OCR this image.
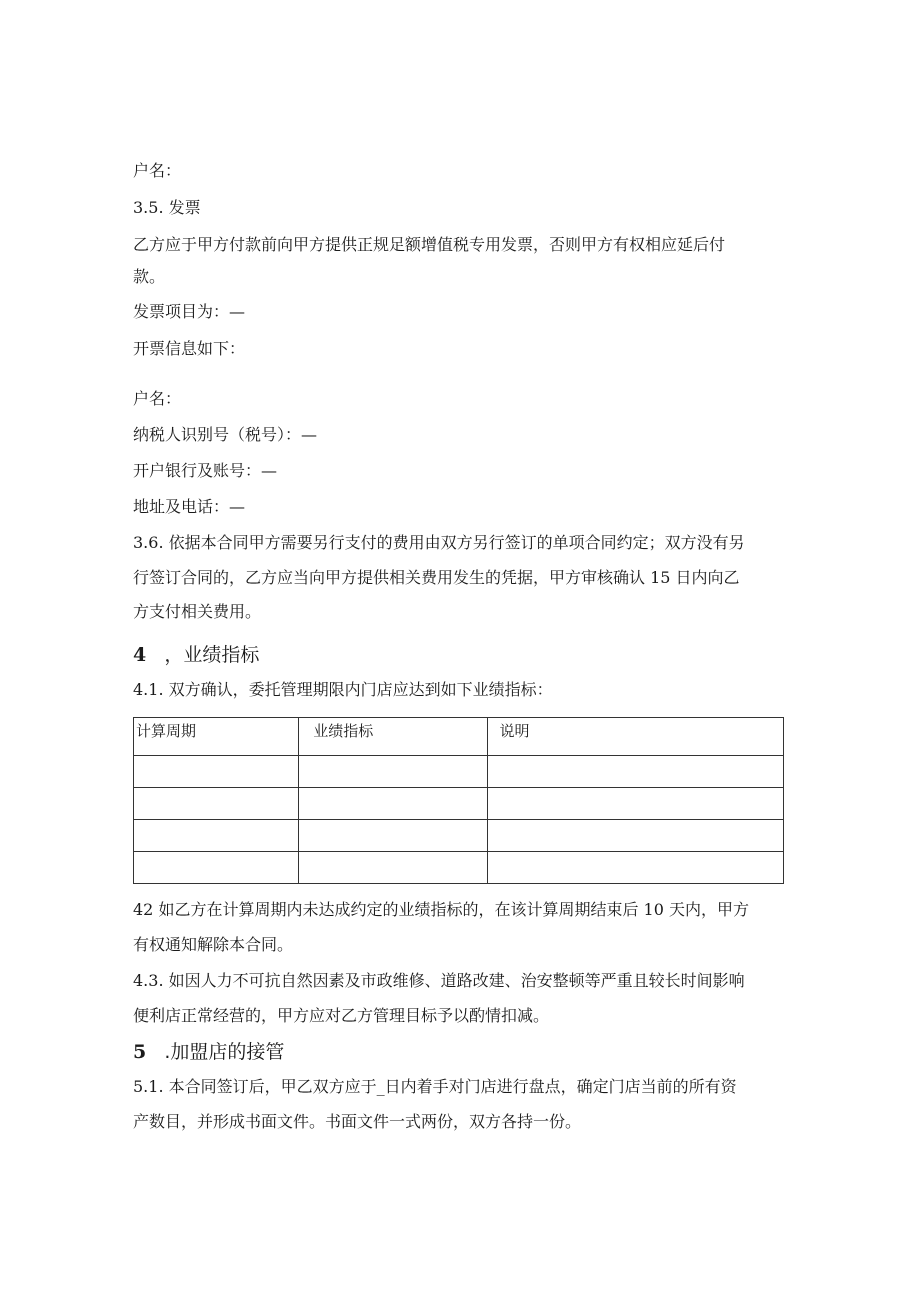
户名：
3.5. 发票
乙方应于甲方付款前向甲方提供正规足额增值税专用发票，否则甲方有权相应延后付
款。
发票项目为：—
开票信息如下：
户名：
纳税人识别号（税号）：—
开户银行及账号：—
地址及电话：—
3.6. 依据本合同甲方需要另行支付的费用由双方另行签订的单项合同约定；双方没有另
行签订合同的，乙方应当向甲方提供相关费用发生的凭据，甲方审核确认 15 日内向乙
方支付相关费用。
4 ，业绩指标
4.1. 双方确认，委托管理期限内门店应达到如下业绩指标：
计算周期	业绩指标	说明

42 如乙方在计算周期内未达成约定的业绩指标的，在该计算周期结束后 10 天内，甲方
有权通知解除本合同。
4.3. 如因人力不可抗自然因素及市政维修、道路改建、治安整顿等严重且较长时间影响
便利店正常经营的，甲方应对乙方管理目标予以酌情扣减。
5 .加盟店的接管
5.1. 本合同签订后，甲乙双方应于_日内着手对门店进行盘点，确定门店当前的所有资
产数目，并形成书面文件。书面文件一式两份，双方各持一份。
